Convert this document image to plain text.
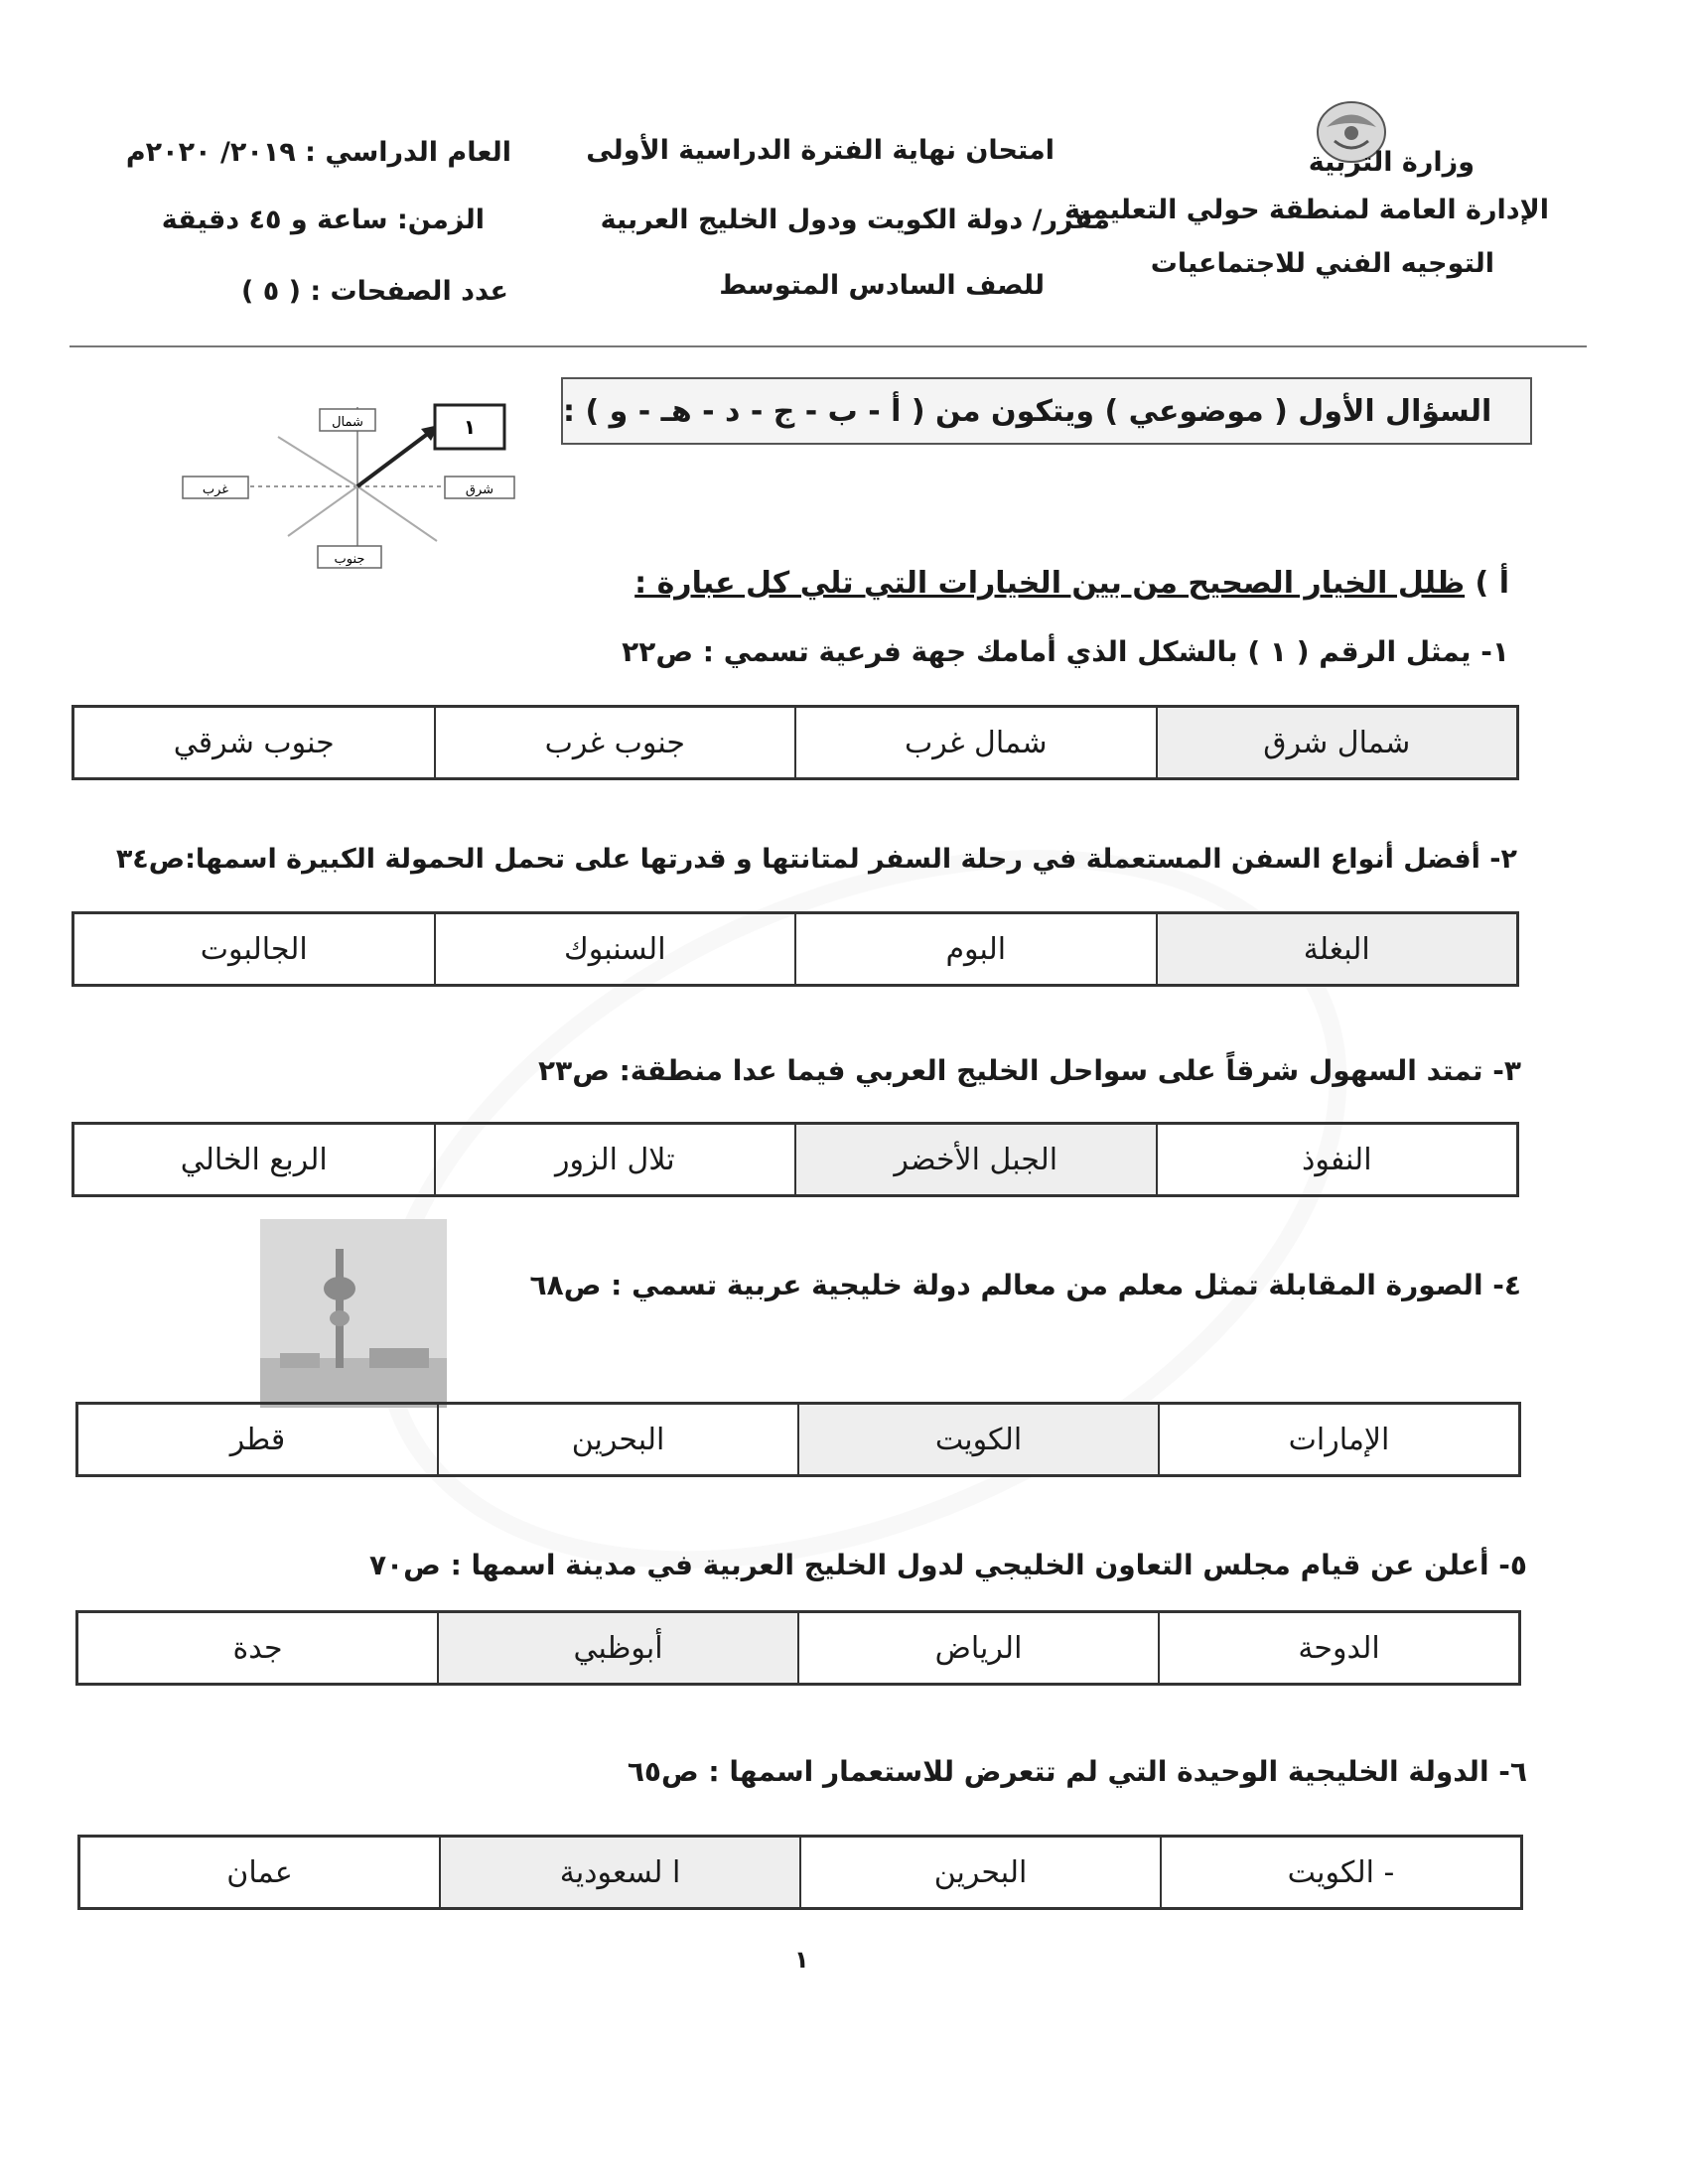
وزارة التربية
الإدارة العامة لمنطقة حولي التعليمية
التوجيه الفني للاجتماعيات
امتحان نهاية الفترة الدراسية الأولى
مقرر/ دولة الكويت ودول الخليج العربية
للصف السادس المتوسط
العام الدراسي : ٢٠١٩/ ٢٠٢٠م
الزمن: ساعة و ٤٥ دقيقة
عدد الصفحات : ( ٥ )
السؤال الأول ( موضوعي ) ويتكون من ( أ - ب - ج - د - هـ - و ) :
شمال	١
غرب	شرق
جنوب
أ ) ظلل الخيار الصحيح من بين الخيارات التي تلي كل عبارة :
١- يمثل الرقم ( ١ ) بالشكل الذي أمامك جهة فرعية تسمي : ص٢٢
شمال شرق
شمال غرب
جنوب غرب
جنوب شرقي
٢- أفضل أنواع السفن المستعملة في رحلة السفر لمتانتها و قدرتها على تحمل الحمولة الكبيرة اسمها:ص٣٤
البغلة
البوم
السنبوك
الجالبوت
٣- تمتد السهول شرقاً على سواحل الخليج العربي فيما عدا منطقة: ص٢٣
النفوذ
الجبل الأخضر
تلال الزور
الربع الخالي
٤- الصورة المقابلة تمثل معلم من معالم دولة خليجية عربية تسمي : ص٦٨
الإمارات
الكويت
البحرين
قطر
٥- أعلن عن قيام مجلس التعاون الخليجي لدول الخليج العربية في مدينة اسمها : ص٧٠
الدوحة
الرياض
أبوظبي
جدة
٦- الدولة الخليجية الوحيدة التي لم تتعرض للاستعمار اسمها : ص٦٥
- الكويت
البحرين
ا لسعودية
عمان
١
